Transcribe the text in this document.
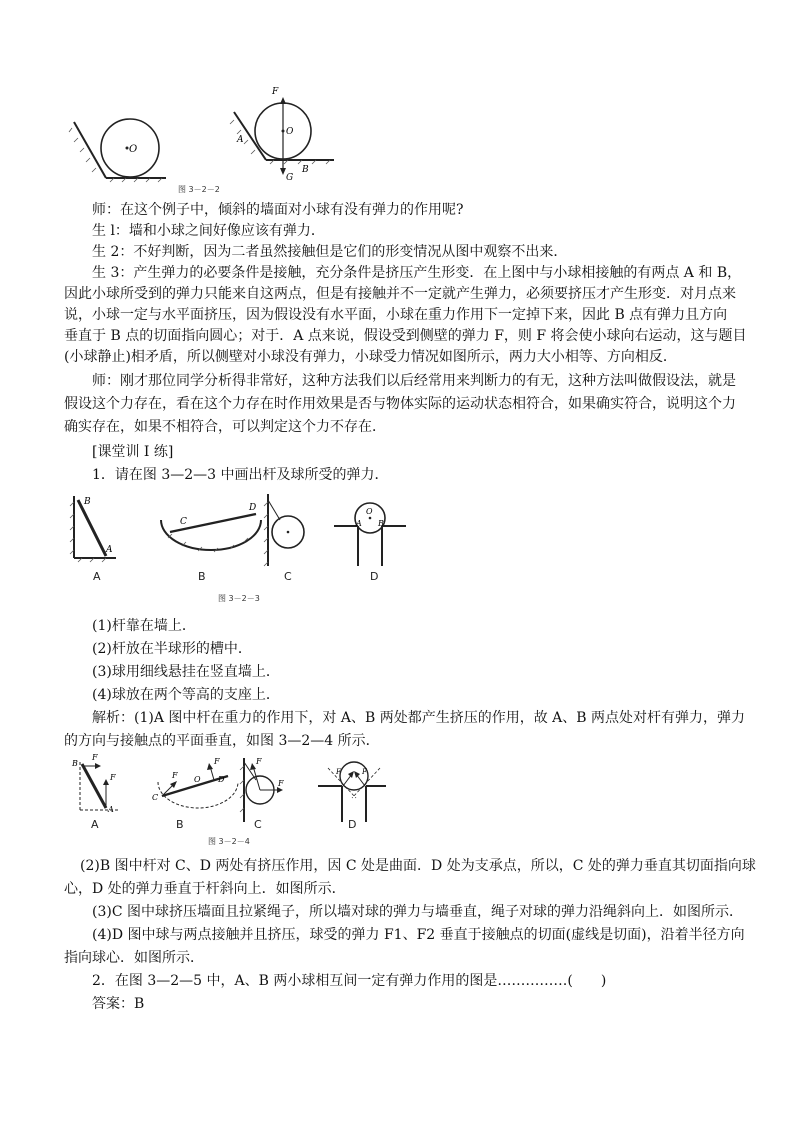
O
F
A
O
G
B
图 3－2－2
师：在这个例子中，倾斜的墙面对小球有没有弹力的作用呢?
生 l：墙和小球之间好像应该有弹力．
生 2：不好判断，因为二者虽然接触但是它们的形变情况从图中观察不出来．
生 3：产生弹力的必要条件是接触，充分条件是挤压产生形变．在上图中与小球相接触的有两点 A 和 B，
因此小球所受到的弹力只能来自这两点，但是有接触并不一定就产生弹力，必须要挤压才产生形变．对月点来
说，小球一定与水平面挤压，因为假设没有水平面，小球在重力作用下一定掉下来，因此 B 点有弹力且方向
垂直于 B 点的切面指向圆心；对于．A 点来说，假设受到侧壁的弹力 F，则 F 将会使小球向右运动，这与题目
(小球静止)相矛盾，所以侧壁对小球没有弹力，小球受力情况如图所示，两力大小相等、方向相反．
师：刚才那位同学分析得非常好，这种方法我们以后经常用来判断力的有无，这种方法叫做假设法，就是
假设这个力存在，看在这个力存在时作用效果是否与物体实际的运动状态相符合，如果确实符合，说明这个力
确实存在，如果不相符合，可以判定这个力不存在．
[课堂训 I 练]
1．请在图 3—2—3 中画出杆及球所受的弹力．
B
A
C
D	O
A B
A	B	C	D
图 3－2－3
(1)杆靠在墙上．
(2)杆放在半球形的槽中．
(3)球用细线悬挂在竖直墙上．
(4)球放在两个等高的支座上．
解析：(1)A 图中杆在重力的作用下，对 A、B 两处都产生挤压的作用，故 A、B 两点处对杆有弹力，弹力
的方向与接触点的平面垂直，如图 3—2—4 所示．
B
F
F
A
C
F O D
F	F
F
F	F
A	B	C	D
图 3－2－4
(2)B 图中杆对 C、D 两处有挤压作用，因 C 处是曲面．D 处为支承点，所以，C 处的弹力垂直其切面指向球
心，D 处的弹力垂直于杆斜向上．如图所示．
(3)C 图中球挤压墙面且拉紧绳子，所以墙对球的弹力与墙垂直，绳子对球的弹力沿绳斜向上．如图所示．
(4)D 图中球与两点接触并且挤压，球受的弹力 F1、F2 垂直于接触点的切面(虚线是切面)，沿着半径方向
指向球心．如图所示．
2．在图 3—2—5 中，A、B 两小球相互间一定有弹力作用的图是……………(　　)
答案：B
